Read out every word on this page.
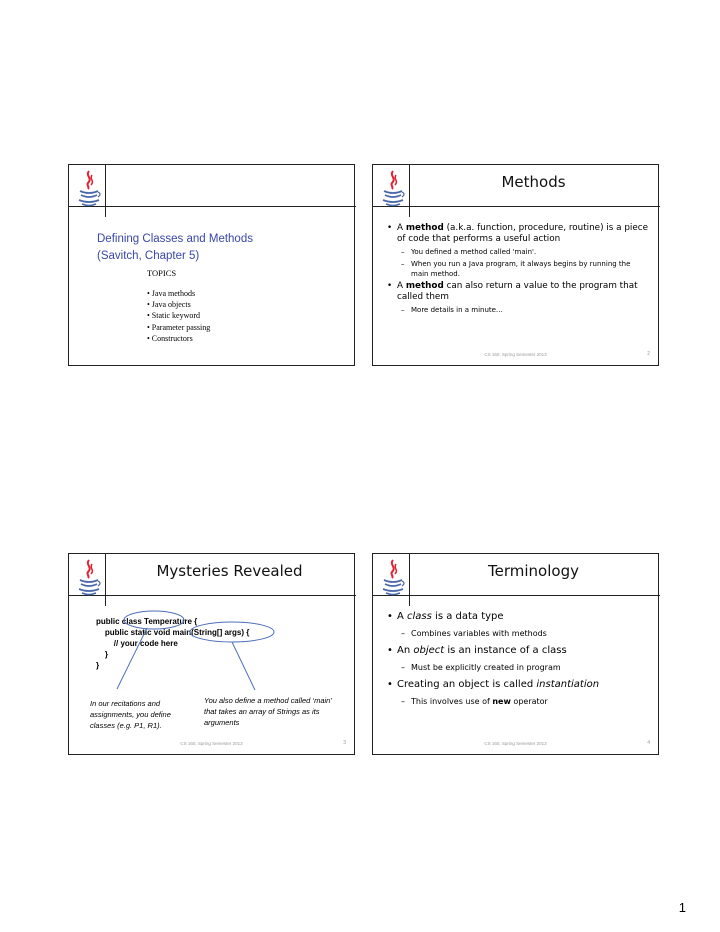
Defining Classes and Methods
(Savitch, Chapter 5)
TOPICS
• Java methods
• Java objects
• Static keyword
• Parameter passing
• Constructors
Methods
• A method (a.k.a. function, procedure, routine) is a piece of code that performs a useful action
– You defined a method called 'main'.
– When you run a Java program, it always begins by running the main method.
• A method can also return a value to the program that called them
– More details in a minute…
CS 160, Spring Semester 2013	2
Mysteries Revealed
public class Temperature {
public static void main(String[] args) {
// your code here
}
}
In our recitations and assignments, you define classes (e.g. P1, R1).
You also define a method called ‘main’ that takes an array of Strings as its arguments
CS 160, Spring Semester 2013	3
Terminology
• A class is a data type
– Combines variables with methods
• An object is an instance of a class
– Must be explicitly created in program
• Creating an object is called instantiation
– This involves use of new operator
CS 160, Spring Semester 2013	4
1
